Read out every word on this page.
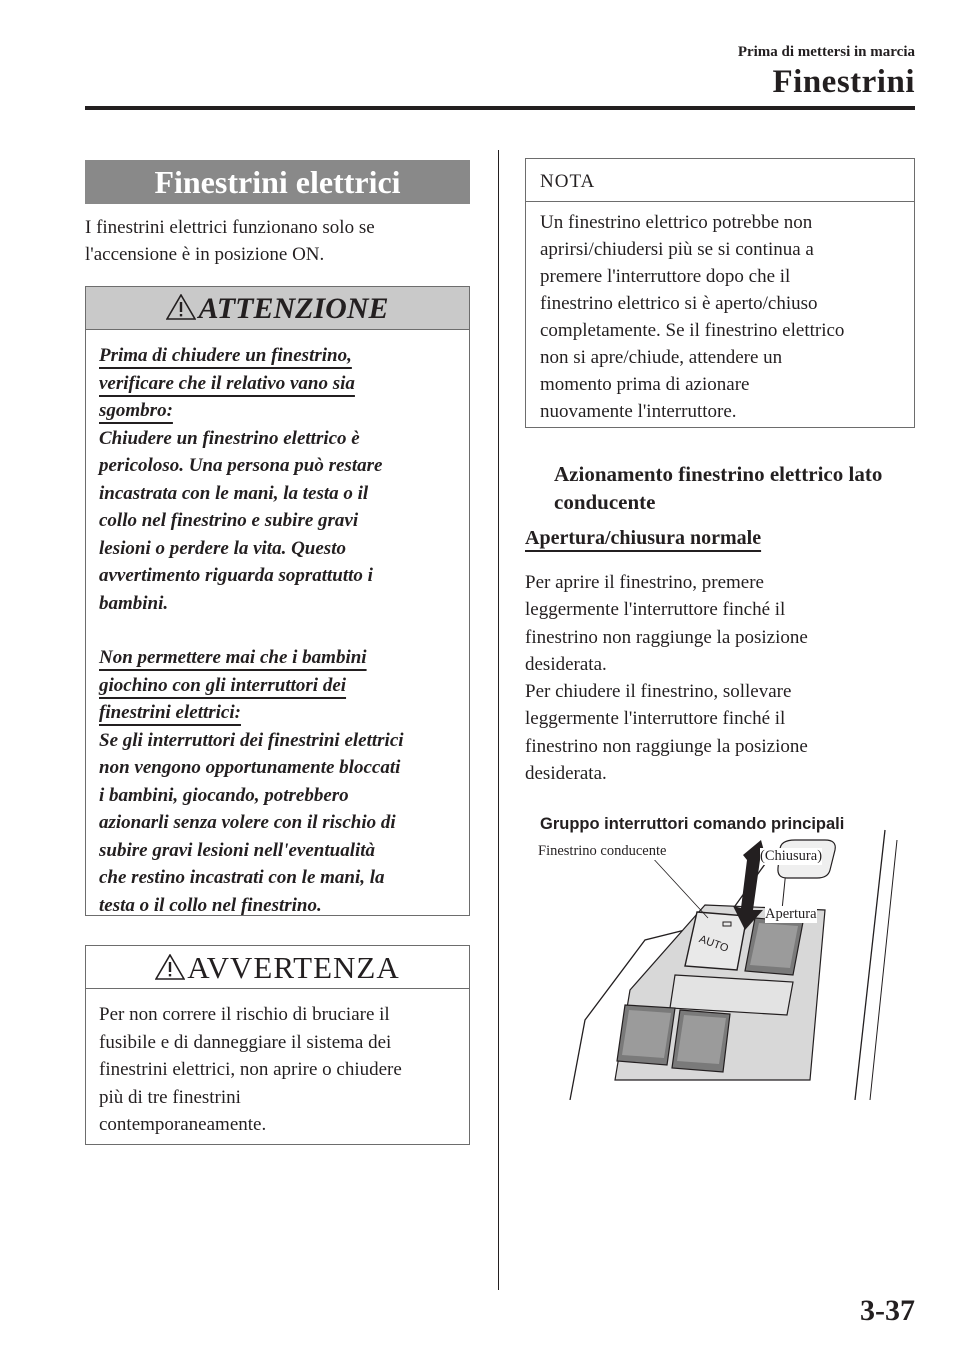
Prima di mettersi in marcia
Finestrini
Finestrini elettrici
I finestrini elettrici funzionano solo se l'accensione è in posizione ON.
ATTENZIONE
Prima di chiudere un finestrino,
verificare che il relativo vano sia
sgombro:
Chiudere un finestrino elettrico è
pericoloso. Una persona può restare
incastrata con le mani, la testa o il
collo nel finestrino e subire gravi
lesioni o perdere la vita. Questo
avvertimento riguarda soprattutto i
bambini.
Non permettere mai che i bambini
giochino con gli interruttori dei
finestrini elettrici:
Se gli interruttori dei finestrini elettrici
non vengono opportunamente bloccati
i bambini, giocando, potrebbero
azionarli senza volere con il rischio di
subire gravi lesioni nell'eventualità
che restino incastrati con le mani, la
testa o il collo nel finestrino.
AVVERTENZA
Per non correre il rischio di bruciare il
fusibile e di danneggiare il sistema dei
finestrini elettrici, non aprire o chiudere
più di tre finestrini
contemporaneamente.
NOTA
Un finestrino elettrico potrebbe non
aprirsi/chiudersi più se si continua a
premere l'interruttore dopo che il
finestrino elettrico si è aperto/chiuso
completamente. Se il finestrino elettrico
non si apre/chiude, attendere un
momento prima di azionare
nuovamente l'interruttore.
Azionamento finestrino elettrico lato
conducente
Apertura/chiusura normale
Per aprire il finestrino, premere
leggermente l'interruttore finché il
finestrino non raggiunge la posizione
desiderata.
Per chiudere il finestrino, sollevare
leggermente l'interruttore finché il
finestrino non raggiunge la posizione
desiderata.
AUTO
Gruppo interruttori comando principali
Finestrino conducente	(Chiusura)
Apertura
3-37
